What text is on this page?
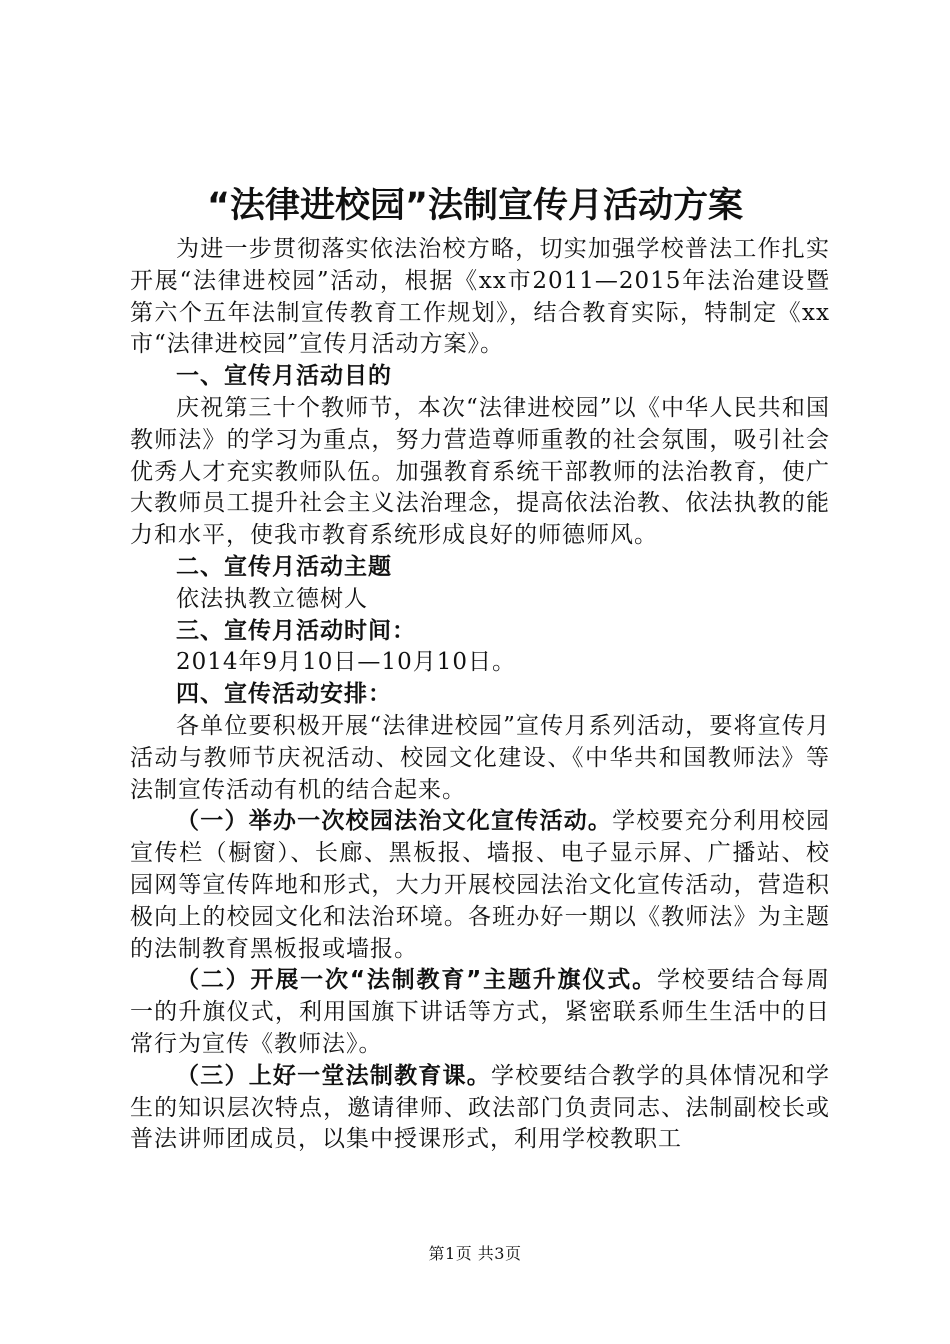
“法律进校园”法制宣传月活动方案

为进一步贯彻落实依法治校方略，切实加强学校普法工作扎实开展“法律进校园”活动，根据《xx市2011—2015年法治建设暨第六个五年法制宣传教育工作规划》，结合教育实际，特制定《xx市“法律进校园”宣传月活动方案》。

一、宣传月活动目的

庆祝第三十个教师节，本次“法律进校园”以《中华人民共和国教师法》的学习为重点，努力营造尊师重教的社会氛围，吸引社会优秀人才充实教师队伍。加强教育系统干部教师的法治教育，使广大教师员工提升社会主义法治理念，提高依法治教、依法执教的能力和水平，使我市教育系统形成良好的师德师风。

二、宣传月活动主题

依法执教立德树人

三、宣传月活动时间：

2014年9月10日—10月10日。

四、宣传活动安排：

各单位要积极开展“法律进校园”宣传月系列活动，要将宣传月活动与教师节庆祝活动、校园文化建设、《中华共和国教师法》等法制宣传活动有机的结合起来。

（一）举办一次校园法治文化宣传活动。学校要充分利用校园宣传栏（橱窗）、长廊、黑板报、墙报、电子显示屏、广播站、校园网等宣传阵地和形式，大力开展校园法治文化宣传活动，营造积极向上的校园文化和法治环境。各班办好一期以《教师法》为主题的法制教育黑板报或墙报。

（二）开展一次“法制教育”主题升旗仪式。学校要结合每周一的升旗仪式，利用国旗下讲话等方式，紧密联系师生生活中的日常行为宣传《教师法》。

（三）上好一堂法制教育课。学校要结合教学的具体情况和学生的知识层次特点，邀请律师、政法部门负责同志、法制副校长或普法讲师团成员，以集中授课形式，利用学校教职工

第1页 共3页
